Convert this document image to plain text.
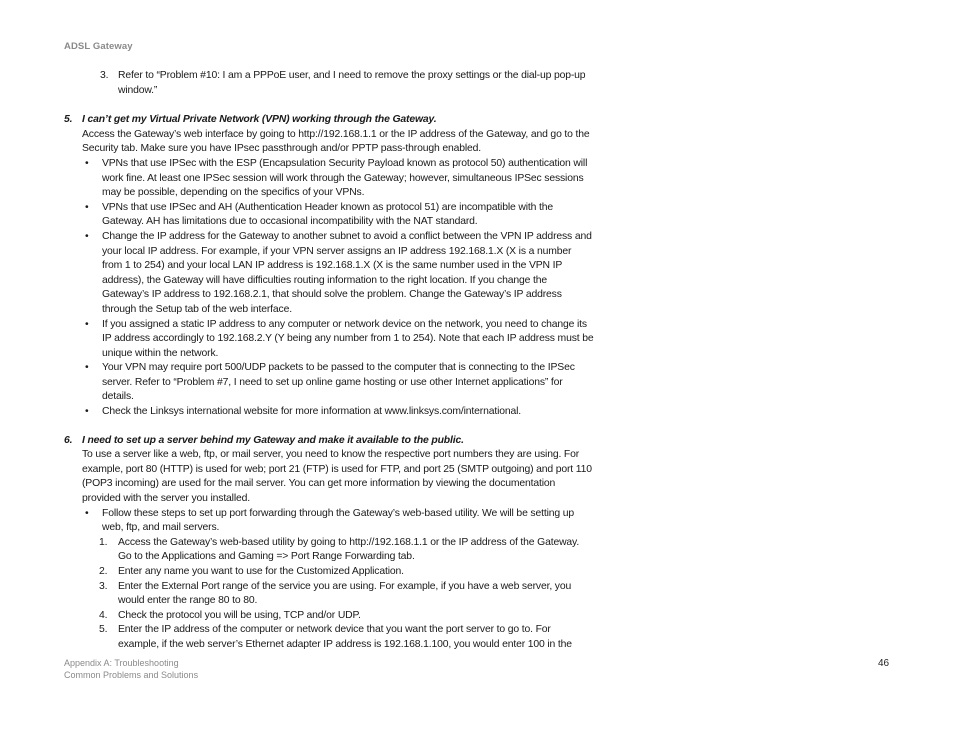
ADSL Gateway
3. Refer to “Problem #10: I am a PPPoE user, and I need to remove the proxy settings or the dial-up pop-up window.”
5. I can’t get my Virtual Private Network (VPN) working through the Gateway.

Access the Gateway’s web interface by going to http://192.168.1.1 or the IP address of the Gateway, and go to the Security tab. Make sure you have IPsec passthrough and/or PPTP pass-through enabled.

•	VPNs that use IPSec with the ESP (Encapsulation Security Payload known as protocol 50) authentication will work fine. At least one IPSec session will work through the Gateway; however, simultaneous IPSec sessions may be possible, depending on the specifics of your VPNs.
•	VPNs that use IPSec and AH (Authentication Header known as protocol 51) are incompatible with the Gateway. AH has limitations due to occasional incompatibility with the NAT standard.
•	Change the IP address for the Gateway to another subnet to avoid a conflict between the VPN IP address and your local IP address. For example, if your VPN server assigns an IP address 192.168.1.X (X is a number from 1 to 254) and your local LAN IP address is 192.168.1.X (X is the same number used in the VPN IP address), the Gateway will have difficulties routing information to the right location. If you change the Gateway’s IP address to 192.168.2.1, that should solve the problem. Change the Gateway’s IP address through the Setup tab of the web interface.
•	If you assigned a static IP address to any computer or network device on the network, you need to change its IP address accordingly to 192.168.2.Y (Y being any number from 1 to 254). Note that each IP address must be unique within the network.
•	Your VPN may require port 500/UDP packets to be passed to the computer that is connecting to the IPSec server. Refer to “Problem #7, I need to set up online game hosting or use other Internet applications” for details.
•	Check the Linksys international website for more information at www.linksys.com/international.
6. I need to set up a server behind my Gateway and make it available to the public.

To use a server like a web, ftp, or mail server, you need to know the respective port numbers they are using. For example, port 80 (HTTP) is used for web; port 21 (FTP) is used for FTP, and port 25 (SMTP outgoing) and port 110 (POP3 incoming) are used for the mail server. You can get more information by viewing the documentation provided with the server you installed.

•	Follow these steps to set up port forwarding through the Gateway’s web-based utility. We will be setting up web, ftp, and mail servers.
1.	Access the Gateway’s web-based utility by going to http://192.168.1.1 or the IP address of the Gateway. Go to the Applications and Gaming => Port Range Forwarding tab.
2.	Enter any name you want to use for the Customized Application.
3.	Enter the External Port range of the service you are using. For example, if you have a web server, you would enter the range 80 to 80.
4.	Check the protocol you will be using, TCP and/or UDP.
5.	Enter the IP address of the computer or network device that you want the port server to go to. For example, if the web server’s Ethernet adapter IP address is 192.168.1.100, you would enter 100 in the
Appendix A: Troubleshooting
Common Problems and Solutions
46
